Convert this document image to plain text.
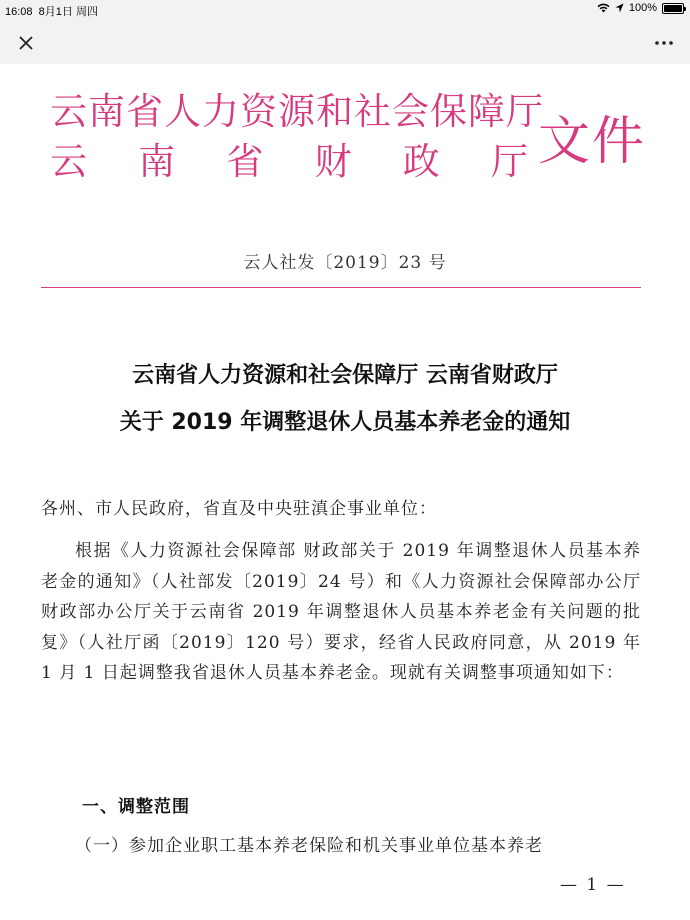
16:08 8月1日 周四	100%
云南省人力资源和社会保障厅
云 南 省 财 政 厅 文件
云人社发〔2019〕23 号
云南省人力资源和社会保障厅 云南省财政厅
关于 2019 年调整退休人员基本养老金的通知
各州、市人民政府，省直及中央驻滇企事业单位：
根据《人力资源社会保障部 财政部关于 2019 年调整退休人员基本养老金的通知》（人社部发〔2019〕24 号）和《人力资源社会保障部办公厅 财政部办公厅关于云南省 2019 年调整退休人员基本养老金有关问题的批复》（人社厅函〔2019〕120 号）要求，经省人民政府同意，从 2019 年 1 月 1 日起调整我省退休人员基本养老金。现就有关调整事项通知如下：
一、调整范围
（一）参加企业职工基本养老保险和机关事业单位基本养老
— 1 —
